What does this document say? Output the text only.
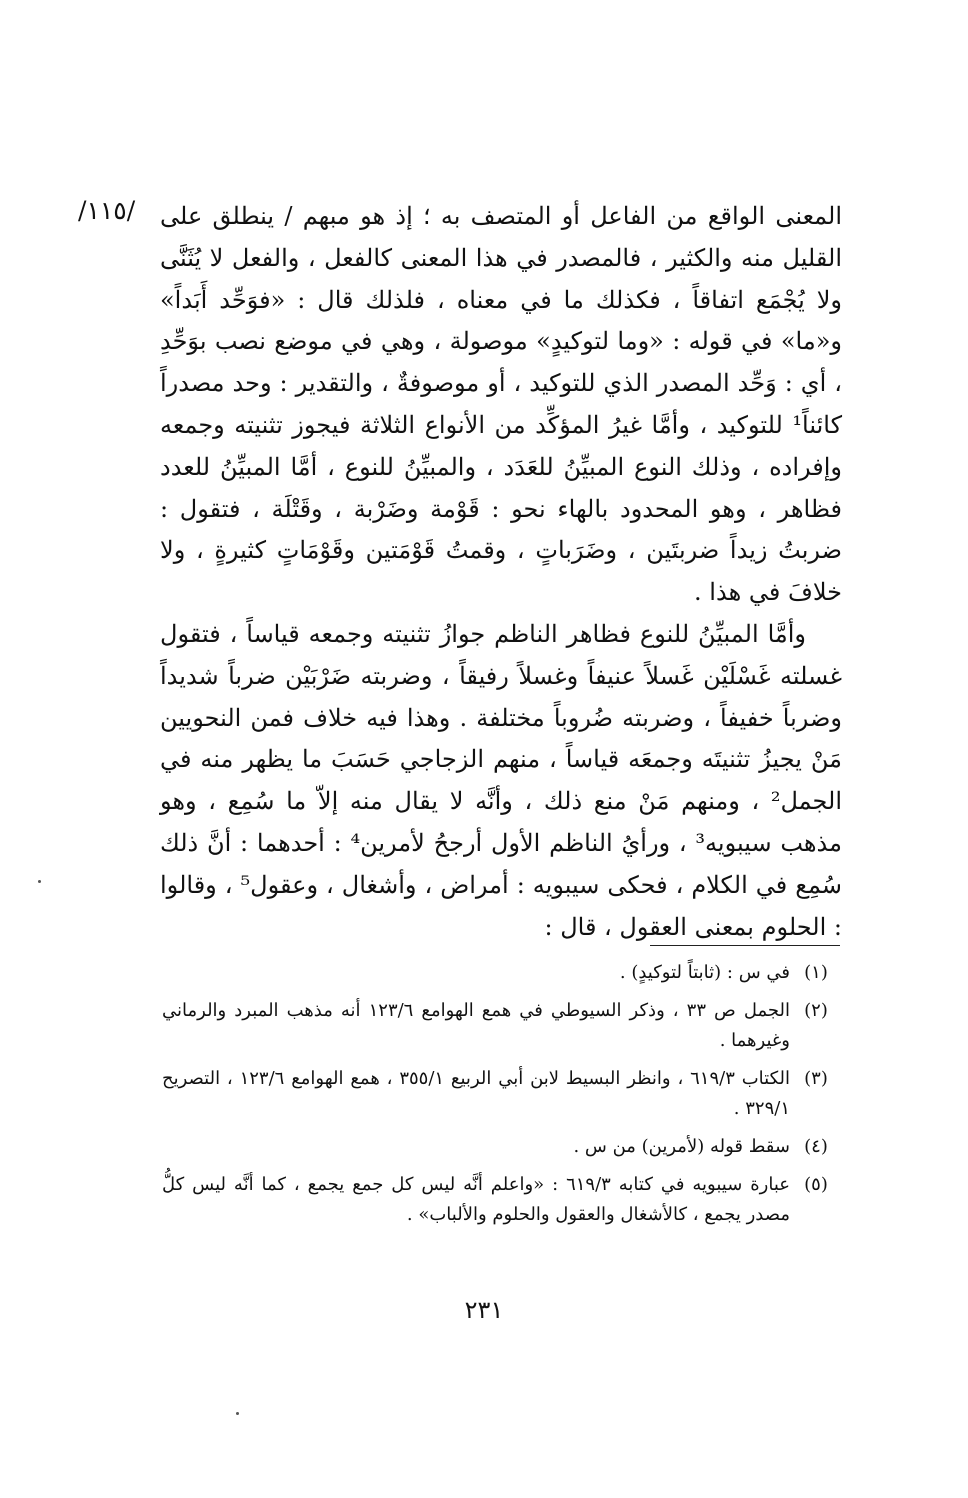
/١١٥/ المعنى الواقع من الفاعل أو المتصف به ؛ إذ هو مبهم / ينطلق على القليل منه والكثير ، فالمصدر في هذا المعنى كالفعل ، والفعل لا يُثَنَّى ولا يُجْمَع اتفاقاً ، فكذلك ما في معناه ، فلذلك قال : «فوَحِّد أَبَداً» و«ما» في قوله : «وما لتوكيدٍ» موصولة ، وهي في موضع نصب بوَحِّدِ ، أي : وَحِّد المصدر الذي للتوكيد ، أو موصوفةٌ ، والتقدير : وحد مصدراً كائناً¹ للتوكيد ، وأمَّا غيرُ المؤكِّد من الأنواع الثلاثة فيجوز تثنيته وجمعه وإفراده ، وذلك النوع المبيِّنُ للعَدَد ، والمبيِّنُ للنوع ، أمَّا المبيِّنُ للعدد فظاهر ، وهو المحدود بالهاء نحو : قَوْمة وضَرْبة ، وقَتْلَة ، فتقول : ضربتُ زيداً ضربتَين ، وضَرَباتٍ ، وقمتُ قَوْمَتين وقَوْمَاتٍ كثيرةٍ ، ولا خلافَ في هذا .

وأمَّا المبيِّنُ للنوع فظاهر الناظم جوازُ تثنيته وجمعه قياساً ، فتقول غسلته غَسْلَيْن غَسلاً عنيفاً وغسلاً رفيقاً ، وضربته ضَرْبَيْن ضرباً شديداً وضرباً خفيفاً ، وضربته ضُروباً مختلفة . وهذا فيه خلاف فمن النحويين مَنْ يجيزُ تثنيتَه وجمعَه قياساً ، منهم الزجاجي حَسَبَ ما يظهر منه في الجمل² ، ومنهم مَنْ منع ذلك ، وأنَّه لا يقال منه إلاّ ما سُمِع ، وهو مذهب سيبويه³ ، ورأيُ الناظم الأول أرجحُ لأمرين⁴ : أحدهما : أنَّ ذلك سُمِع في الكلام ، فحكى سيبويه : أمراض ، وأشغال ، وعقول⁵ ، وقالوا : الحلوم بمعنى العقول ، قال :

(١)
في س : (ثابتاً لتوكيدٍ) .
(٢)
الجمل ص ٣٣ ، وذكر السيوطي في همع الهوامع ١٢٣/٦ أنه مذهب المبرد والرماني وغيرهما .
(٣)
الكتاب ٦١٩/٣ ، وانظر البسيط لابن أبي الربيع ٣٥٥/١ ، همع الهوامع ١٢٣/٦ ، التصريح ٣٢٩/١ .
(٤)
سقط قوله (لأمرين) من س .
(٥)
عبارة سيبويه في كتابه ٦١٩/٣ : «واعلم أنَّه ليس كل جمع يجمع ، كما أنَّه ليس كلُّ مصدر يجمع ، كالأشغال والعقول والحلوم والألباب» .
٢٣١
